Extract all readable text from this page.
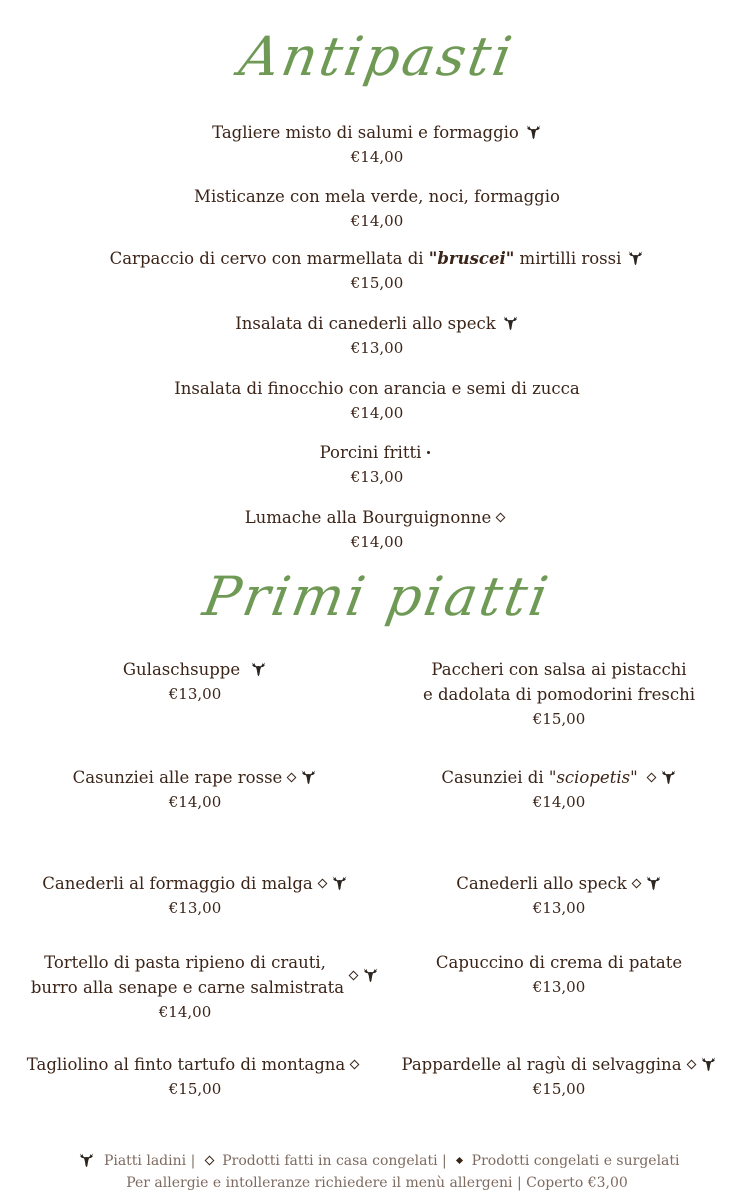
Antipasti
Tagliere misto di salumi e formaggio
€14,00
Misticanze con mela verde, noci, formaggio
€14,00
Carpaccio di cervo con marmellata di "bruscei" mirtilli rossi
€15,00
Insalata di canederli allo speck
€13,00
Insalata di finocchio con arancia e semi di zucca
€14,00
Porcini fritti
€13,00
Lumache alla Bourguignonne
€14,00
Primi piatti
Gulaschsuppe
€13,00
Casunziei alle rape rosse
€14,00
Canederli al formaggio di malga
€13,00
Tortello di pasta ripieno di crauti,
burro alla senape e carne salmistrata
€14,00
Tagliolino al finto tartufo di montagna
€15,00
Paccheri con salsa ai pistacchi
e dadolata di pomodorini freschi
€15,00
Casunziei di "sciopetis"
€14,00
Canederli allo speck
€13,00
Capuccino di crema di patate
€13,00
Pappardelle al ragù di selvaggina
€15,00
Piatti ladini | Prodotti fatti in casa congelati | Prodotti congelati e surgelati
Per allergie e intolleranze richiedere il menù allergeni | Coperto €3,00
